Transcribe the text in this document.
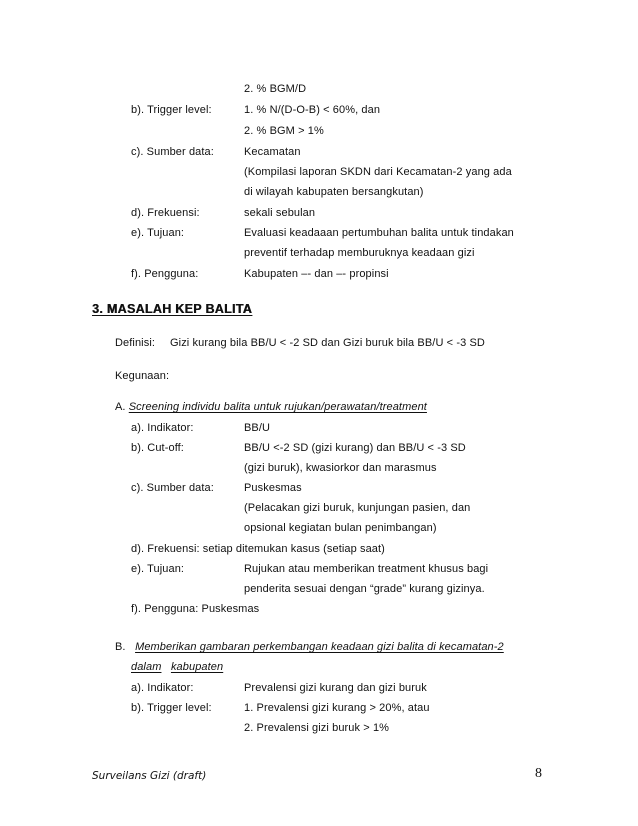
2. % BGM/D
b). Trigger level:	1. % N/(D-O-B) < 60%, dan
2. % BGM > 1%
c). Sumber data:	Kecamatan
(Kompilasi laporan SKDN dari Kecamatan-2 yang ada
di wilayah kabupaten bersangkutan)
d). Frekuensi:	sekali sebulan
e). Tujuan:	Evaluasi keadaaan pertumbuhan balita untuk tindakan
preventif terhadap memburuknya keadaan gizi
f). Pengguna:	Kabupaten –- dan –- propinsi
3. MASALAH KEP BALITA
Definisi: Gizi kurang bila BB/U < -2 SD dan Gizi buruk bila BB/U < -3 SD
Kegunaan:
A. Screening individu balita untuk rujukan/perawatan/treatment
a). Indikator:	BB/U
b). Cut-off:	BB/U <-2 SD (gizi kurang) dan BB/U < -3 SD
(gizi buruk), kwasiorkor dan marasmus
c). Sumber data:	Puskesmas
(Pelacakan gizi buruk, kunjungan pasien, dan
opsional kegiatan bulan penimbangan)
d). Frekuensi: setiap ditemukan kasus (setiap saat)
e). Tujuan:	Rujukan atau memberikan treatment khusus bagi
penderita sesuai dengan “grade” kurang gizinya.
f). Pengguna: Puskesmas
B. Memberikan gambaran perkembangan keadaan gizi balita di kecamatan-2
dalam kabupaten
a). Indikator:	Prevalensi gizi kurang dan gizi buruk
b). Trigger level:	1. Prevalensi gizi kurang > 20%, atau
2. Prevalensi gizi buruk > 1%
Surveilans Gizi (draft)	8
